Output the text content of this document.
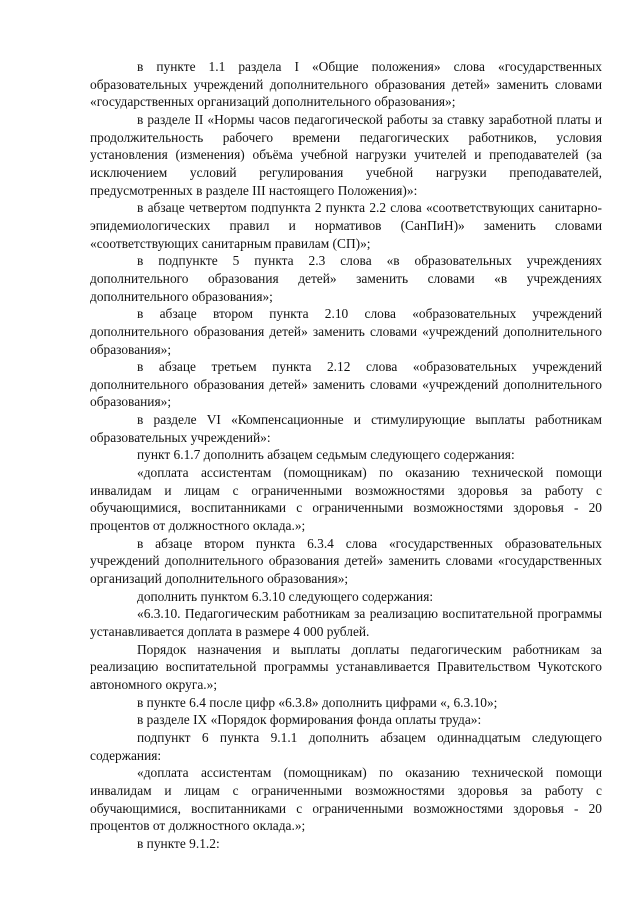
в пункте 1.1 раздела I «Общие положения» слова «государственных образовательных учреждений дополнительного образования детей» заменить словами «государственных организаций дополнительного образования»;

в разделе II «Нормы часов педагогической работы за ставку заработной платы и продолжительность рабочего времени педагогических работников, условия установления (изменения) объёма учебной нагрузки учителей и преподавателей (за исключением условий регулирования учебной нагрузки преподавателей, предусмотренных в разделе III настоящего Положения)»:

в абзаце четвертом подпункта 2 пункта 2.2 слова «соответствующих санитарно-эпидемиологических правил и нормативов (СанПиН)» заменить словами «соответствующих санитарным правилам (СП)»;

в подпункте 5 пункта 2.3 слова «в образовательных учреждениях дополнительного образования детей» заменить словами «в учреждениях дополнительного образования»;

в абзаце втором пункта 2.10 слова «образовательных учреждений дополнительного образования детей» заменить словами «учреждений дополнительного образования»;

в абзаце третьем пункта 2.12 слова «образовательных учреждений дополнительного образования детей» заменить словами «учреждений дополнительного образования»;

в разделе VI «Компенсационные и стимулирующие выплаты работникам образовательных учреждений»:

пункт 6.1.7 дополнить абзацем седьмым следующего содержания:

«доплата ассистентам (помощникам) по оказанию технической помощи инвалидам и лицам с ограниченными возможностями здоровья за работу с обучающимися, воспитанниками с ограниченными возможностями здоровья - 20 процентов от должностного оклада.»;

в абзаце втором пункта 6.3.4 слова «государственных образовательных учреждений дополнительного образования детей» заменить словами «государственных организаций дополнительного образования»;

дополнить пунктом 6.3.10 следующего содержания:

«6.3.10. Педагогическим работникам за реализацию воспитательной программы устанавливается доплата в размере 4 000 рублей.

Порядок назначения и выплаты доплаты педагогическим работникам за реализацию воспитательной программы устанавливается Правительством Чукотского автономного округа.»;

в пункте 6.4 после цифр «6.3.8» дополнить цифрами «, 6.3.10»;

в разделе IX «Порядок формирования фонда оплаты труда»:

подпункт 6 пункта 9.1.1 дополнить абзацем одиннадцатым следующего содержания:

«доплата ассистентам (помощникам) по оказанию технической помощи инвалидам и лицам с ограниченными возможностями здоровья за работу с обучающимися, воспитанниками с ограниченными возможностями здоровья - 20 процентов от должностного оклада.»;

в пункте 9.1.2:
